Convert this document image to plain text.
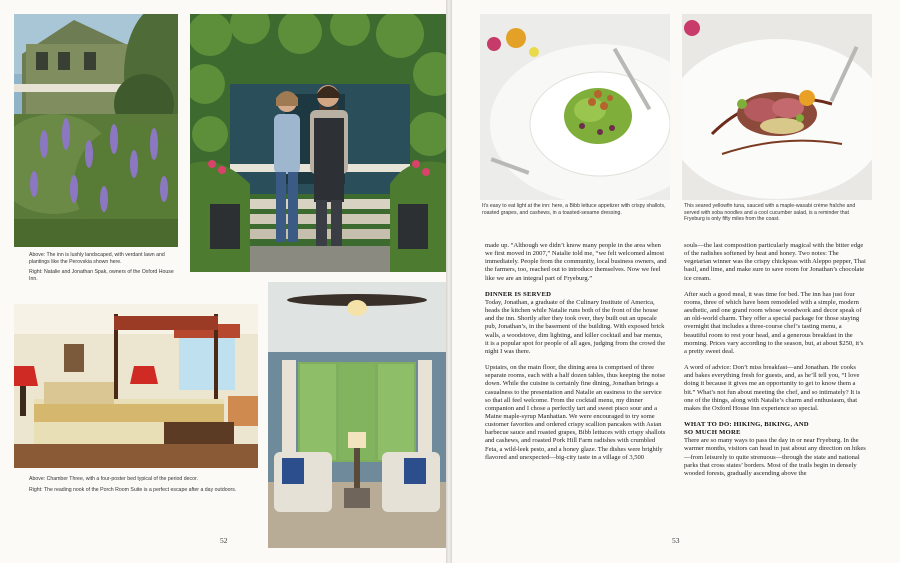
Above: The inn is lushly landscaped, with verdant lawn and plantings like the Perovskia shown here.

Right: Natalie and Jonathan Spak, owners of the Oxford House Inn.

Above: Chamber Three, with a four-poster bed typical of the period decor.

Right: The reading nook of the Porch Room Suite is a perfect escape after a day outdoors.

52

It's easy to eat light at the inn: here, a Bibb lettuce appetizer with crispy shallots, roasted grapes, and cashews, in a toasted-sesame dressing.

This seared yellowfin tuna, sauced with a maple-wasabi crème fraîche and served with soba noodles and a cool cucumber salad, is a reminder that Fryeburg is only fifty miles from the coast.

made up. “Although we didn’t know many people in the area when we first moved in 2007,” Natalie told me, “we felt welcomed almost immediately. People from the community, local business owners, and the farmers, too, reached out to introduce themselves. Now we feel like we are an integral part of Fryeburg.”

DINNER IS SERVED

Today, Jonathan, a graduate of the Culinary Institute of America, heads the kitchen while Natalie runs both of the front of the house and the inn. Shortly after they took over, they built out an upscale pub, Jonathan’s, in the basement of the building. With exposed brick walls, a woodstove, dim lighting, and killer cocktail and bar menus, it is a popular spot for people of all ages, judging from the crowd the night I was there.

Upstairs, on the main floor, the dining area is comprised of three separate rooms, each with a half dozen tables, thus keeping the noise down. While the cuisine is certainly fine dining, Jonathan brings a casualness to the presentation and Natalie an easiness to the service so that all feel welcome. From the cocktail menu, my dinner companion and I chose a perfectly tart and sweet pisco sour and a Maine maple-syrup Manhattan. We were encouraged to try some customer favorites and ordered crispy scallion pancakes with Asian barbecue sauce and roasted grapes, Bibb lettuces with crispy shallots and cashews, and roasted Pork Hill Farm radishes with crumbled Feta, a wild-leek pesto, and a honey glaze. The dishes were brightly flavored and unexpected—big-city taste in a village of 3,500

souls—the last composition particularly magical with the bitter edge of the radishes softened by heat and honey. Two notes: The vegetarian winner was the crispy chickpeas with Aleppo pepper, Thai basil, and lime, and make sure to save room for Jonathan’s chocolate ice cream.

After such a good meal, it was time for bed. The inn has just four rooms, three of which have been remodeled with a simple, modern aesthetic, and one grand room whose woodwork and decor speak of an old-world charm. They offer a special package for those staying overnight that includes a three-course chef’s tasting menu, a beautiful room to rest your head, and a generous breakfast in the morning. Prices vary according to the season, but, at about $250, it’s a pretty sweet deal.

A word of advice: Don’t miss breakfast—and Jonathan. He cooks and bakes everything fresh for guests, and, as he’ll tell you, “I love doing it because it gives me an opportunity to get to know them a bit.” What’s not fun about meeting the chef, and so intimately? It is one of the things, along with Natalie’s charm and enthusiasm, that makes the Oxford House Inn experience so special.

WHAT TO DO: HIKING, BIKING, AND
SO MUCH MORE

There are so many ways to pass the day in or near Fryeburg. In the warmer months, visitors can head in just about any direction on hikes—from leisurely to quite strenuous—through the state and national parks that cross states’ borders. Most of the trails begin in densely wooded forests, gradually ascending above the

53
